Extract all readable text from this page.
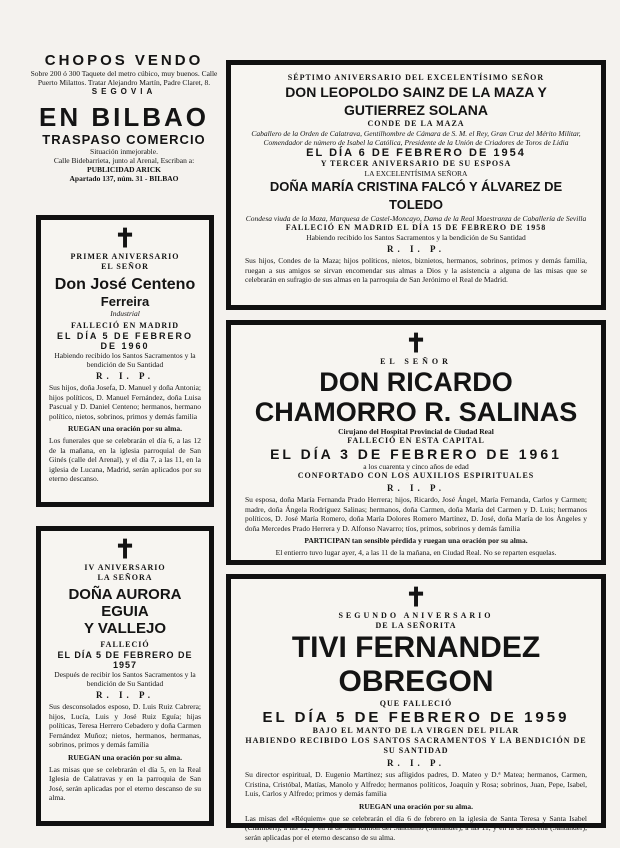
CHOPOS VENDO
Sobre 200 ó 300 Taquete del metro cúbico, muy buenos. Calle Puerto Milattos. Tratar Alejandro Martín, Padre Claret, 8.
SEGOVIA
EN BILBAO
TRASPASO COMERCIO
Situación inmejorable.
Calle Bidebarrieta, junto al Arenal, Escriban a:
PUBLICIDAD ARICK
Apartado 137, núm. 31 - BILBAO
✝
PRIMER ANIVERSARIO
EL SEÑOR
Don José Centeno
Ferreira
Industrial
FALLECIÓ EN MADRID
EL DÍA 5 DE FEBRERO DE 1960
Habiendo recibido los Santos Sacramentos y la bendición de Su Santidad
R. I. P.
Sus hijos, doña Josefa, D. Manuel y doña Antonia; hijos políticos, D. Manuel Fernández, doña Luisa Pascual y D. Daniel Centeno; hermanos, hermano político, nietos, sobrinos, primos y demás familia
RUEGAN una oración por su alma.
Los funerales que se celebrarán el día 6, a las 12 de la mañana, en la iglesia parroquial de San Ginés (calle del Arenal), y el día 7, a las 11, en la iglesia de Lucana, Madrid, serán aplicados por su eterno descanso.
✝
IV ANIVERSARIO
LA SEÑORA
DOÑA AURORA EGUIA
Y VALLEJO
FALLECIÓ
EL DÍA 5 DE FEBRERO DE 1957
Después de recibir los Santos Sacramentos y la bendición de Su Santidad
R. I. P.
Sus desconsolados esposo, D. Luis Ruiz Cabrera; hijos, Lucía, Luis y José Ruiz Eguía; hijas políticas, Teresa Herrero Cebadero y doña Carmen Fernández Muñoz; nietos, hermanos, hermanas, sobrinos, primos y demás familia
RUEGAN una oración por su alma.
Las misas que se celebrarán el día 5, en la Real Iglesia de Calatravas y en la parroquia de San José, serán aplicadas por el eterno descanso de su alma.
SÉPTIMO ANIVERSARIO DEL EXCELENTÍSIMO SEÑOR
DON LEOPOLDO SAINZ DE LA MAZA Y GUTIERREZ SOLANA
CONDE DE LA MAZA
Caballero de la Orden de Calatrava, Gentilhombre de Cámara de S. M. el Rey, Gran Cruz del Mérito Militar, Comendador de número de Isabel la Católica, Presidente de la Unión de Criadores de Toros de Lidia
EL DÍA 6 DE FEBRERO DE 1954
Y TERCER ANIVERSARIO DE SU ESPOSA
LA EXCELENTÍSIMA SEÑORA
DOÑA MARÍA CRISTINA FALCÓ Y ÁLVAREZ DE TOLEDO
Condesa viuda de la Maza, Marquesa de Castel-Moncayo, Dama de la Real Maestranza de Caballería de Sevilla
FALLECIÓ EN MADRID EL DÍA 15 DE FEBRERO DE 1958
Habiendo recibido los Santos Sacramentos y la bendición de Su Santidad
R. I. P.
Sus hijos, Condes de la Maza; hijos políticos, nietos, biznietos, hermanos, sobrinos, primos y demás familia, ruegan a sus amigos se sirvan encomendar sus almas a Dios y la asistencia a alguna de las misas que se celebrarán en sufragio de sus almas en la parroquia de San Jerónimo el Real de Madrid.
✝
EL SEÑOR
DON RICARDO CHAMORRO R. SALINAS
Cirujano del Hospital Provincial de Ciudad Real
FALLECIÓ EN ESTA CAPITAL
EL DÍA 3 DE FEBRERO DE 1961
a los cuarenta y cinco años de edad
CONFORTADO CON LOS AUXILIOS ESPIRITUALES
R. I. P.
Su esposa, doña María Fernanda Prado Herrera; hijos, Ricardo, José Ángel, María Fernanda, Carlos y Carmen; madre, doña Ángela Rodríguez Salinas; hermanos, doña Carmen, doña María del Carmen y D. Luis; hermanos políticos, D. José María Romero, doña María Dolores Romero Martínez, D. José, doña María de los Ángeles y doña Mercedes Prado Herrera y D. Alfonso Navarro; tíos, primos, sobrinos y demás familia
PARTICIPAN tan sensible pérdida y ruegan una oración por su alma.
El entierro tuvo lugar ayer, 4, a las 11 de la mañana, en Ciudad Real. No se reparten esquelas.
✝
SEGUNDO ANIVERSARIO
DE LA SEÑORITA
TIVI FERNANDEZ OBREGON
QUE FALLECIÓ
EL DÍA 5 DE FEBRERO DE 1959
BAJO EL MANTO DE LA VIRGEN DEL PILAR
HABIENDO RECIBIDO LOS SANTOS SACRAMENTOS Y LA BENDICIÓN DE SU SANTIDAD
R. I. P.
Su director espiritual, D. Eugenio Martínez; sus afligidos padres, D. Mateo y D.ª Matea; hermanos, Carmen, Cristina, Cristóbal, Matías, Manolo y Alfredo; hermanos políticos, Joaquín y Rosa; sobrinos, Juan, Pepe, Isabel, Luis, Carlos y Alfredo; primos y demás familia
RUEGAN una oración por su alma.
Las misas del «Réquiem» que se celebrarán el día 6 de febrero en la iglesia de Santa Teresa y Santa Isabel (Chamberí), a las 12, y en la de San Ramón del Santísimo (Santander), a las 11, y en la de Lucena (Santander), serán aplicadas por el eterno descanso de su alma.
